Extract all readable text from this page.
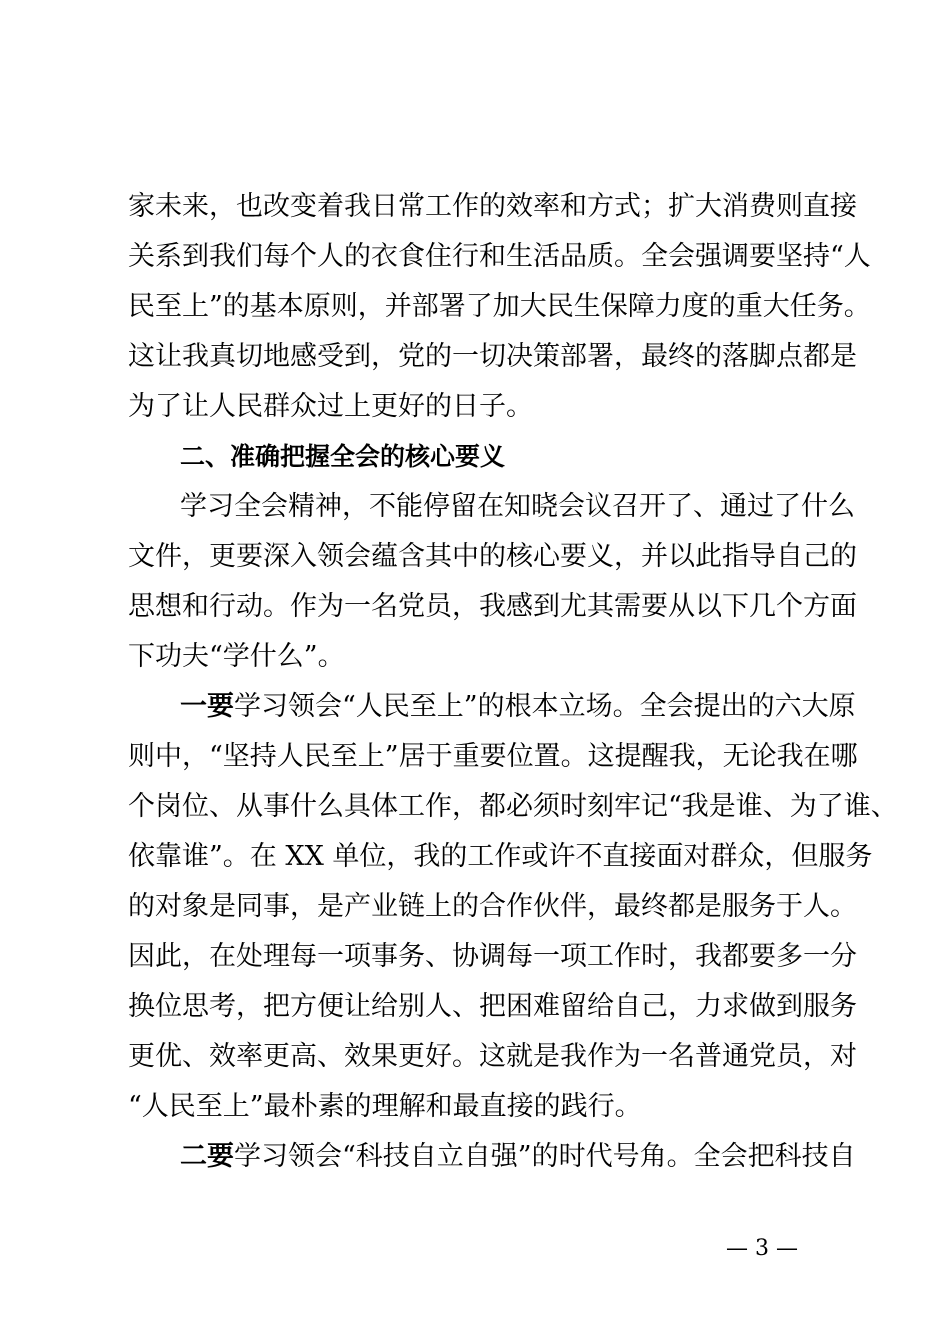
家未来，也改变着我日常工作的效率和方式；扩大消费则直接
关系到我们每个人的衣食住行和生活品质。全会强调要坚持“人
民至上”的基本原则，并部署了加大民生保障力度的重大任务。
这让我真切地感受到，党的一切决策部署，最终的落脚点都是
为了让人民群众过上更好的日子。
二、准确把握全会的核心要义
学习全会精神，不能停留在知晓会议召开了、通过了什么
文件，更要深入领会蕴含其中的核心要义，并以此指导自己的
思想和行动。作为一名党员，我感到尤其需要从以下几个方面
下功夫“学什么”。
一要学习领会“人民至上”的根本立场。全会提出的六大原
则中，“坚持人民至上”居于重要位置。这提醒我，无论我在哪
个岗位、从事什么具体工作，都必须时刻牢记“我是谁、为了谁、
依靠谁”。在 XX 单位，我的工作或许不直接面对群众，但服务
的对象是同事，是产业链上的合作伙伴，最终都是服务于人。
因此，在处理每一项事务、协调每一项工作时，我都要多一分
换位思考，把方便让给别人、把困难留给自己，力求做到服务
更优、效率更高、效果更好。这就是我作为一名普通党员，对
“人民至上”最朴素的理解和最直接的践行。
二要学习领会“科技自立自强”的时代号角。全会把科技自
— 3 —
